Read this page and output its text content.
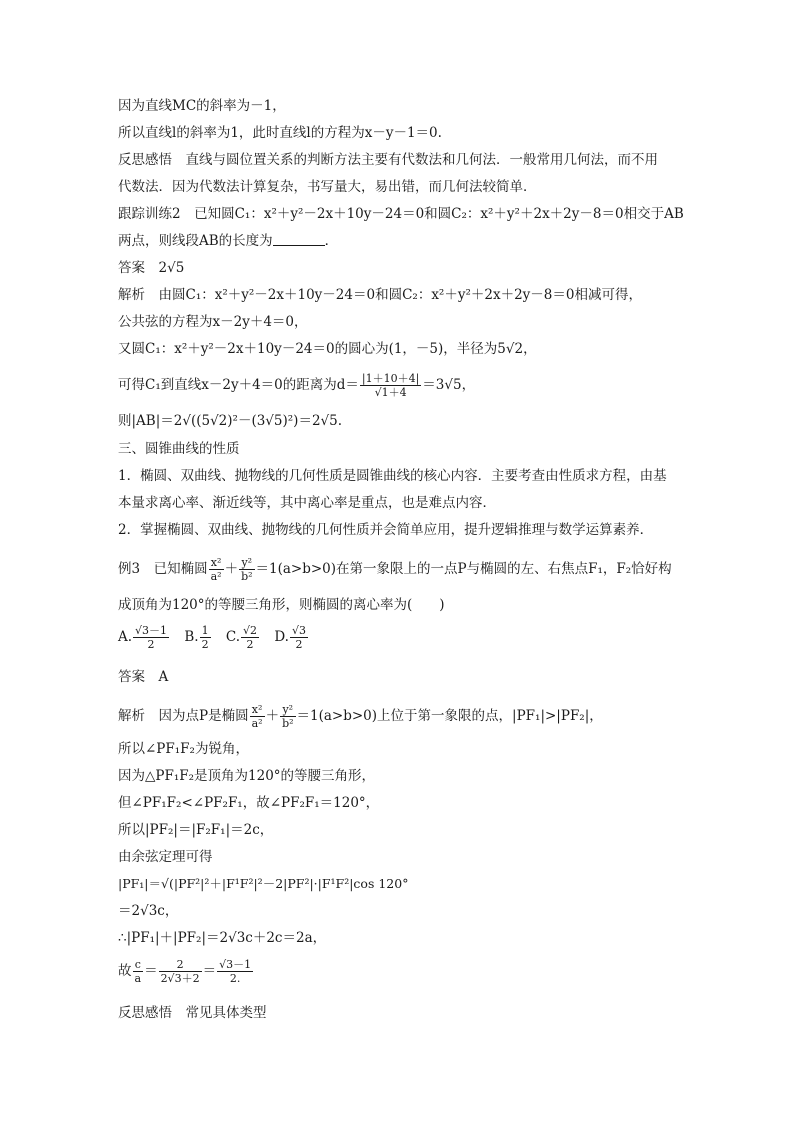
因为直线MC的斜率为－1，
所以直线l的斜率为1，此时直线l的方程为x－y－1＝0.
反思感悟　直线与圆位置关系的判断方法主要有代数法和几何法．一般常用几何法，而不用
代数法．因为代数法计算复杂，书写量大，易出错，而几何法较简单．
跟踪训练2　已知圆C₁：x²＋y²－2x＋10y－24＝0和圆C₂：x²＋y²＋2x＋2y－8＝0相交于AB
两点，则线段AB的长度为	．
答案　2√5
解析　由圆C₁：x²＋y²－2x＋10y－24＝0和圆C₂：x²＋y²＋2x＋2y－8＝0相减可得，
公共弦的方程为x－2y＋4＝0，
又圆C₁：x²＋y²－2x＋10y－24＝0的圆心为(1，－5)，半径为5√2，
可得C₁到直线x－2y＋4＝0的距离为$d= \frac{|1+10+4|}{√1+4} =3√5$，
则|AB|＝2√((5√2)²－(3√5)²)＝2√5.
三、圆锥曲线的性质
1．椭圆、双曲线、抛物线的几何性质是圆锥曲线的核心内容．主要考查由性质求方程，由基
本量求离心率、渐近线等，其中离心率是重点，也是难点内容．
2．掌握椭圆、双曲线、抛物线的几何性质并会简单应用，提升逻辑推理与数学运算素养．
例3　已知椭圆 $\frac{\text{x²}}{\text{a²}} + \frac{\text{y²}}{\text{b²}} =1(a>b>0)$在第一象限上的一点P与椭圆的左、右焦点F₁，F₂恰好构
成顶角为120°的等腰三角形，则椭圆的离心率为(　　)
A. $\frac{√3-1}{2} B$. $\frac{1}{2} C$. $\frac{√2}{2} D$. $\frac{√3}{2}$
答案　A
解析　因为点P是椭圆 $\frac{\text{x²}}{\text{a²}} + \frac{\text{y²}}{\text{b²}} =1(a>b>0)$上位于第一象限的点，|PF₁|>|PF₂|，
所以∠PF₁F₂为锐角，
因为△PF₁F₂是顶角为120°的等腰三角形，
但∠PF₁F₂<∠PF₂F₁，故∠PF₂F₁＝120°，
所以|PF₂|＝|F₂F₁|＝2c，
由余弦定理可得
|PF₁|＝√(|PF²|²＋|F¹F²|²－2|PF²|·|F¹F²|cos 120°
＝2√3c，
∴|PF₁|＋|PF₂|＝2√3c＋2c＝2a，
故 $\frac{c}{a} = \frac{2}{2√3+2} = \frac{√3-1}{2.}$
反思感悟　常见具体类型
